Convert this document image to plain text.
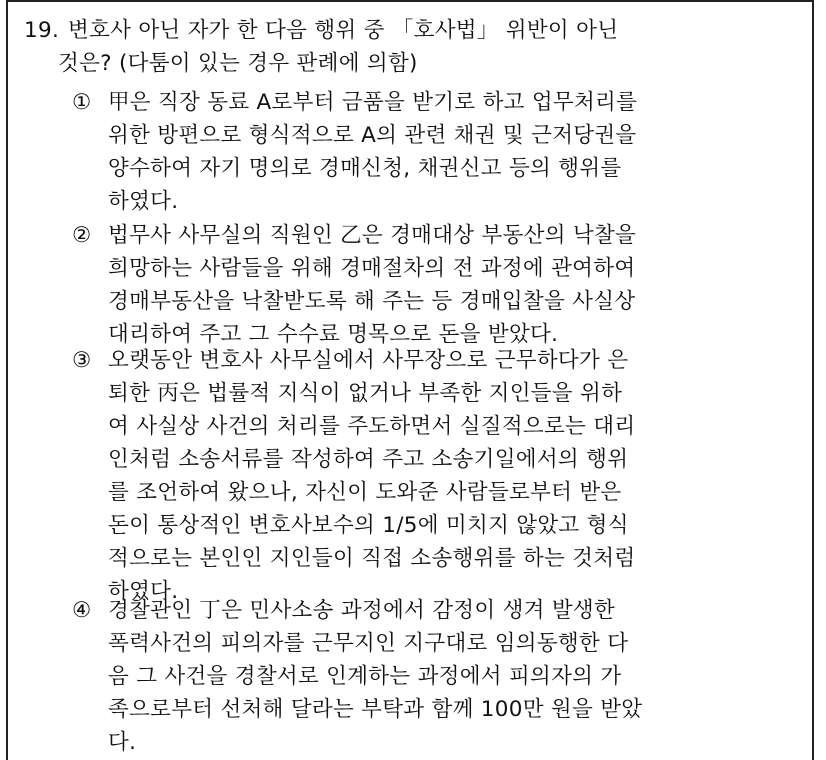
19. 변호사 아닌 자가 한 다음 행위 중 「호사법」 위반이 아닌
것은? (다툼이 있는 경우 판례에 의함)
① 甲은 직장 동료 A로부터 금품을 받기로 하고 업무처리를
위한 방편으로 형식적으로 A의 관련 채권 및 근저당권을
양수하여 자기 명의로 경매신청, 채권신고 등의 행위를
하였다.
② 법무사 사무실의 직원인 乙은 경매대상 부동산의 낙찰을
희망하는 사람들을 위해 경매절차의 전 과정에 관여하여
경매부동산을 낙찰받도록 해 주는 등 경매입찰을 사실상
대리하여 주고 그 수수료 명목으로 돈을 받았다.
③ 오랫동안 변호사 사무실에서 사무장으로 근무하다가 은
퇴한 丙은 법률적 지식이 없거나 부족한 지인들을 위하
여 사실상 사건의 처리를 주도하면서 실질적으로는 대리
인처럼 소송서류를 작성하여 주고 소송기일에서의 행위
를 조언하여 왔으나, 자신이 도와준 사람들로부터 받은
돈이 통상적인 변호사보수의 1/5에 미치지 않았고 형식
적으로는 본인인 지인들이 직접 소송행위를 하는 것처럼
하였다.
④ 경찰관인 丁은 민사소송 과정에서 감정이 생겨 발생한
폭력사건의 피의자를 근무지인 지구대로 임의동행한 다
음 그 사건을 경찰서로 인계하는 과정에서 피의자의 가
족으로부터 선처해 달라는 부탁과 함께 100만 원을 받았
다.
